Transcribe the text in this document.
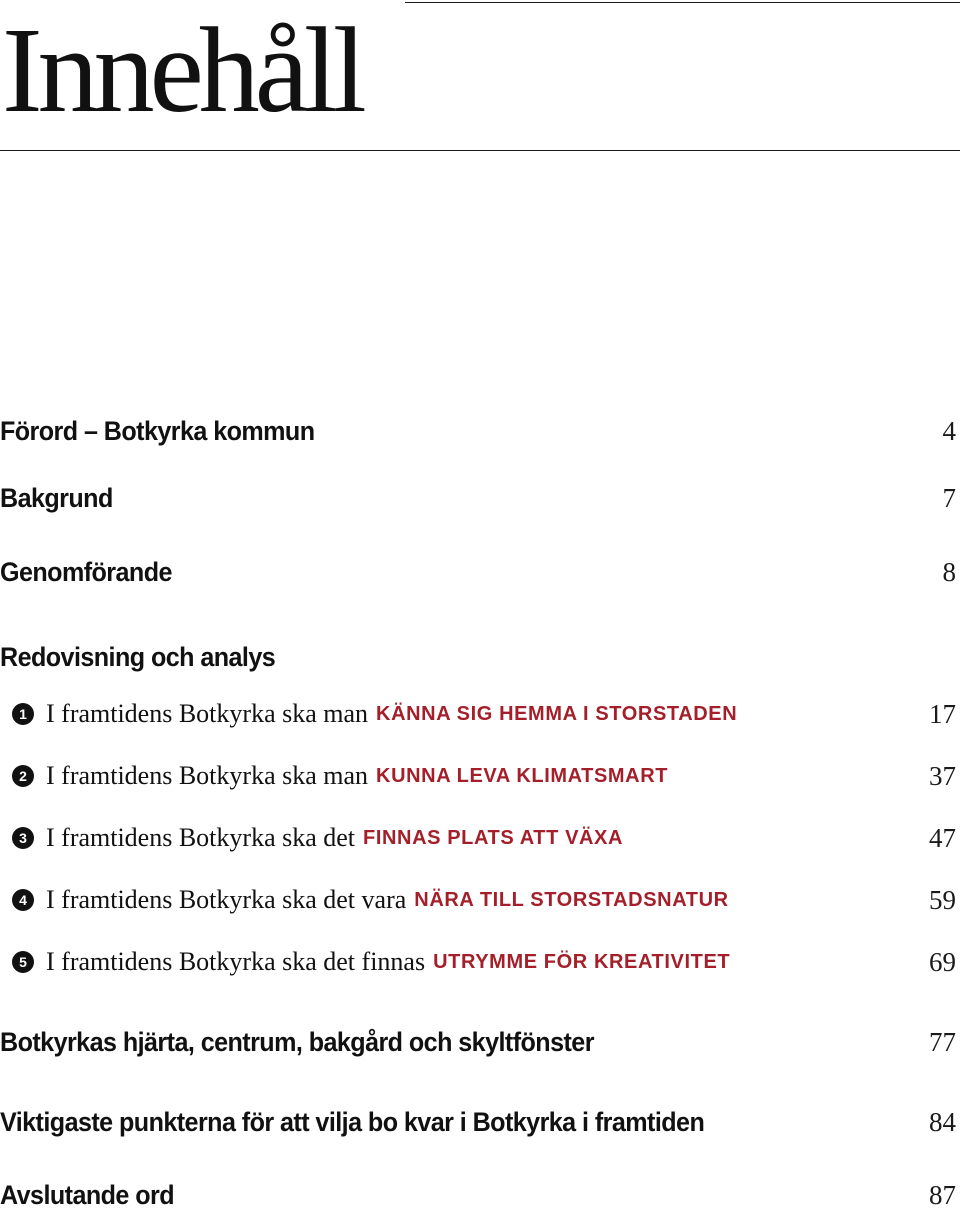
Innehåll
Förord – Botkyrka kommun	4
Bakgrund	7
Genomförande	8
Redovisning och analys
1 I framtidens Botkyrka ska man KÄNNA SIG HEMMA I STORSTADEN	17
2 I framtidens Botkyrka ska man KUNNA LEVA KLIMATSMART	37
3 I framtidens Botkyrka ska det FINNAS PLATS ATT VÄXA	47
4 I framtidens Botkyrka ska det vara NÄRA TILL STORSTADSNATUR	59
5 I framtidens Botkyrka ska det finnas UTRYMME FÖR KREATIVITET	69
Botkyrkas hjärta, centrum, bakgård och skyltfönster	77
Viktigaste punkterna för att vilja bo kvar i Botkyrka i framtiden	84
Avslutande ord	87
